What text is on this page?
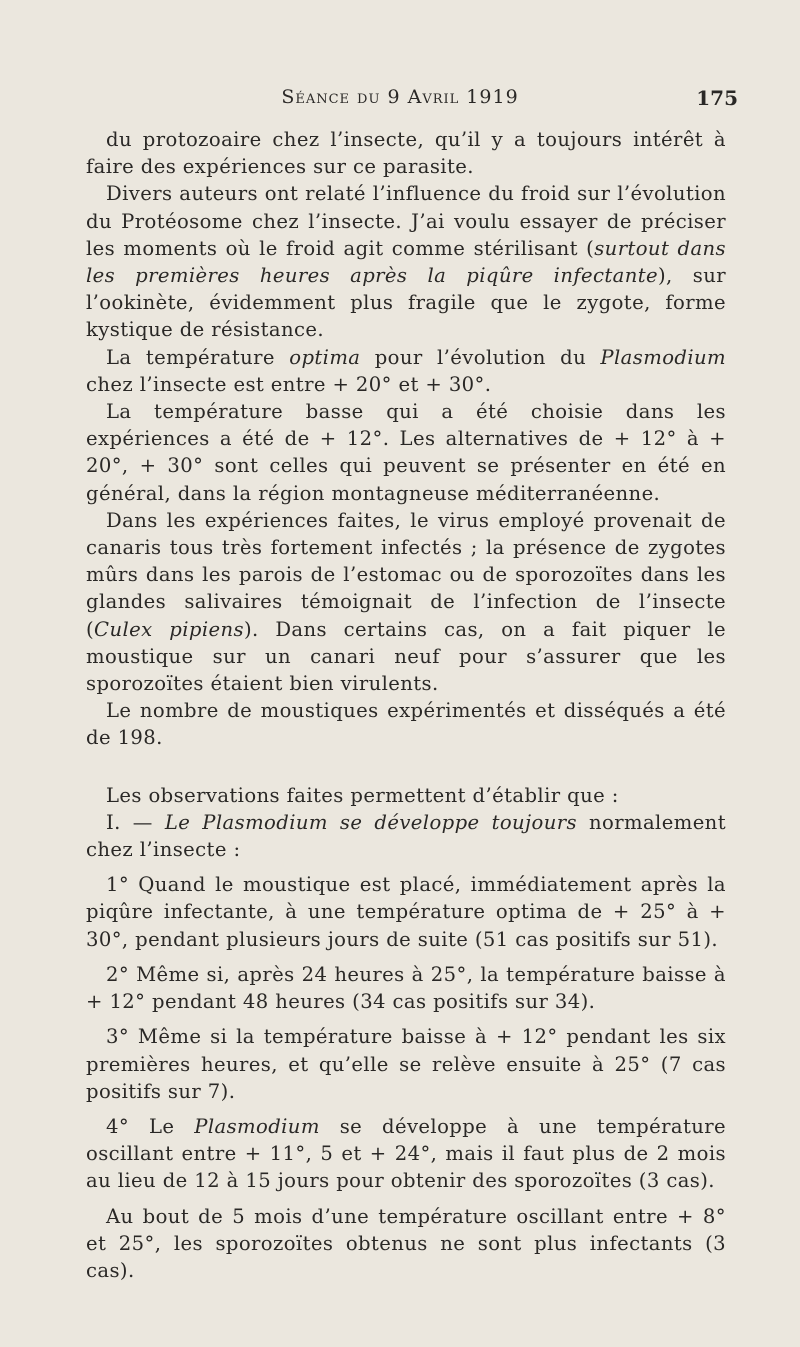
Séance du 9 Avril 1919	175

du protozoaire chez l’insecte, qu’il y a toujours intérêt à faire des expériences sur ce parasite.

Divers auteurs ont relaté l’influence du froid sur l’évolution du Protéosome chez l’insecte. J’ai voulu essayer de préciser les moments où le froid agit comme stérilisant (surtout dans les premières heures après la piqûre infectante), sur l’ookinète, évidemment plus fragile que le zygote, forme kystique de résistance.

La température optima pour l’évolution du Plasmodium chez l’insecte est entre + 20° et + 30°.

La température basse qui a été choisie dans les expériences a été de + 12°. Les alternatives de + 12° à + 20°, + 30° sont celles qui peuvent se présenter en été en général, dans la région montagneuse méditerranéenne.

Dans les expériences faites, le virus employé provenait de canaris tous très fortement infectés ; la présence de zygotes mûrs dans les parois de l’estomac ou de sporozoïtes dans les glandes salivaires témoignait de l’infection de l’insecte (Culex pipiens). Dans certains cas, on a fait piquer le moustique sur un canari neuf pour s’assurer que les sporozoïtes étaient bien virulents.

Le nombre de moustiques expérimentés et disséqués a été de 198.

Les observations faites permettent d’établir que :

I. — Le Plasmodium se développe toujours normalement chez l’insecte :

1° Quand le moustique est placé, immédiatement après la piqûre infectante, à une température optima de + 25° à + 30°, pendant plusieurs jours de suite (51 cas positifs sur 51).

2° Même si, après 24 heures à 25°, la température baisse à + 12° pendant 48 heures (34 cas positifs sur 34).

3° Même si la température baisse à + 12° pendant les six premières heures, et qu’elle se relève ensuite à 25° (7 cas positifs sur 7).

4° Le Plasmodium se développe à une température oscillant entre + 11°, 5 et + 24°, mais il faut plus de 2 mois au lieu de 12 à 15 jours pour obtenir des sporozoïtes (3 cas).

Au bout de 5 mois d’une température oscillant entre + 8° et 25°, les sporozoïtes obtenus ne sont plus infectants (3 cas).
